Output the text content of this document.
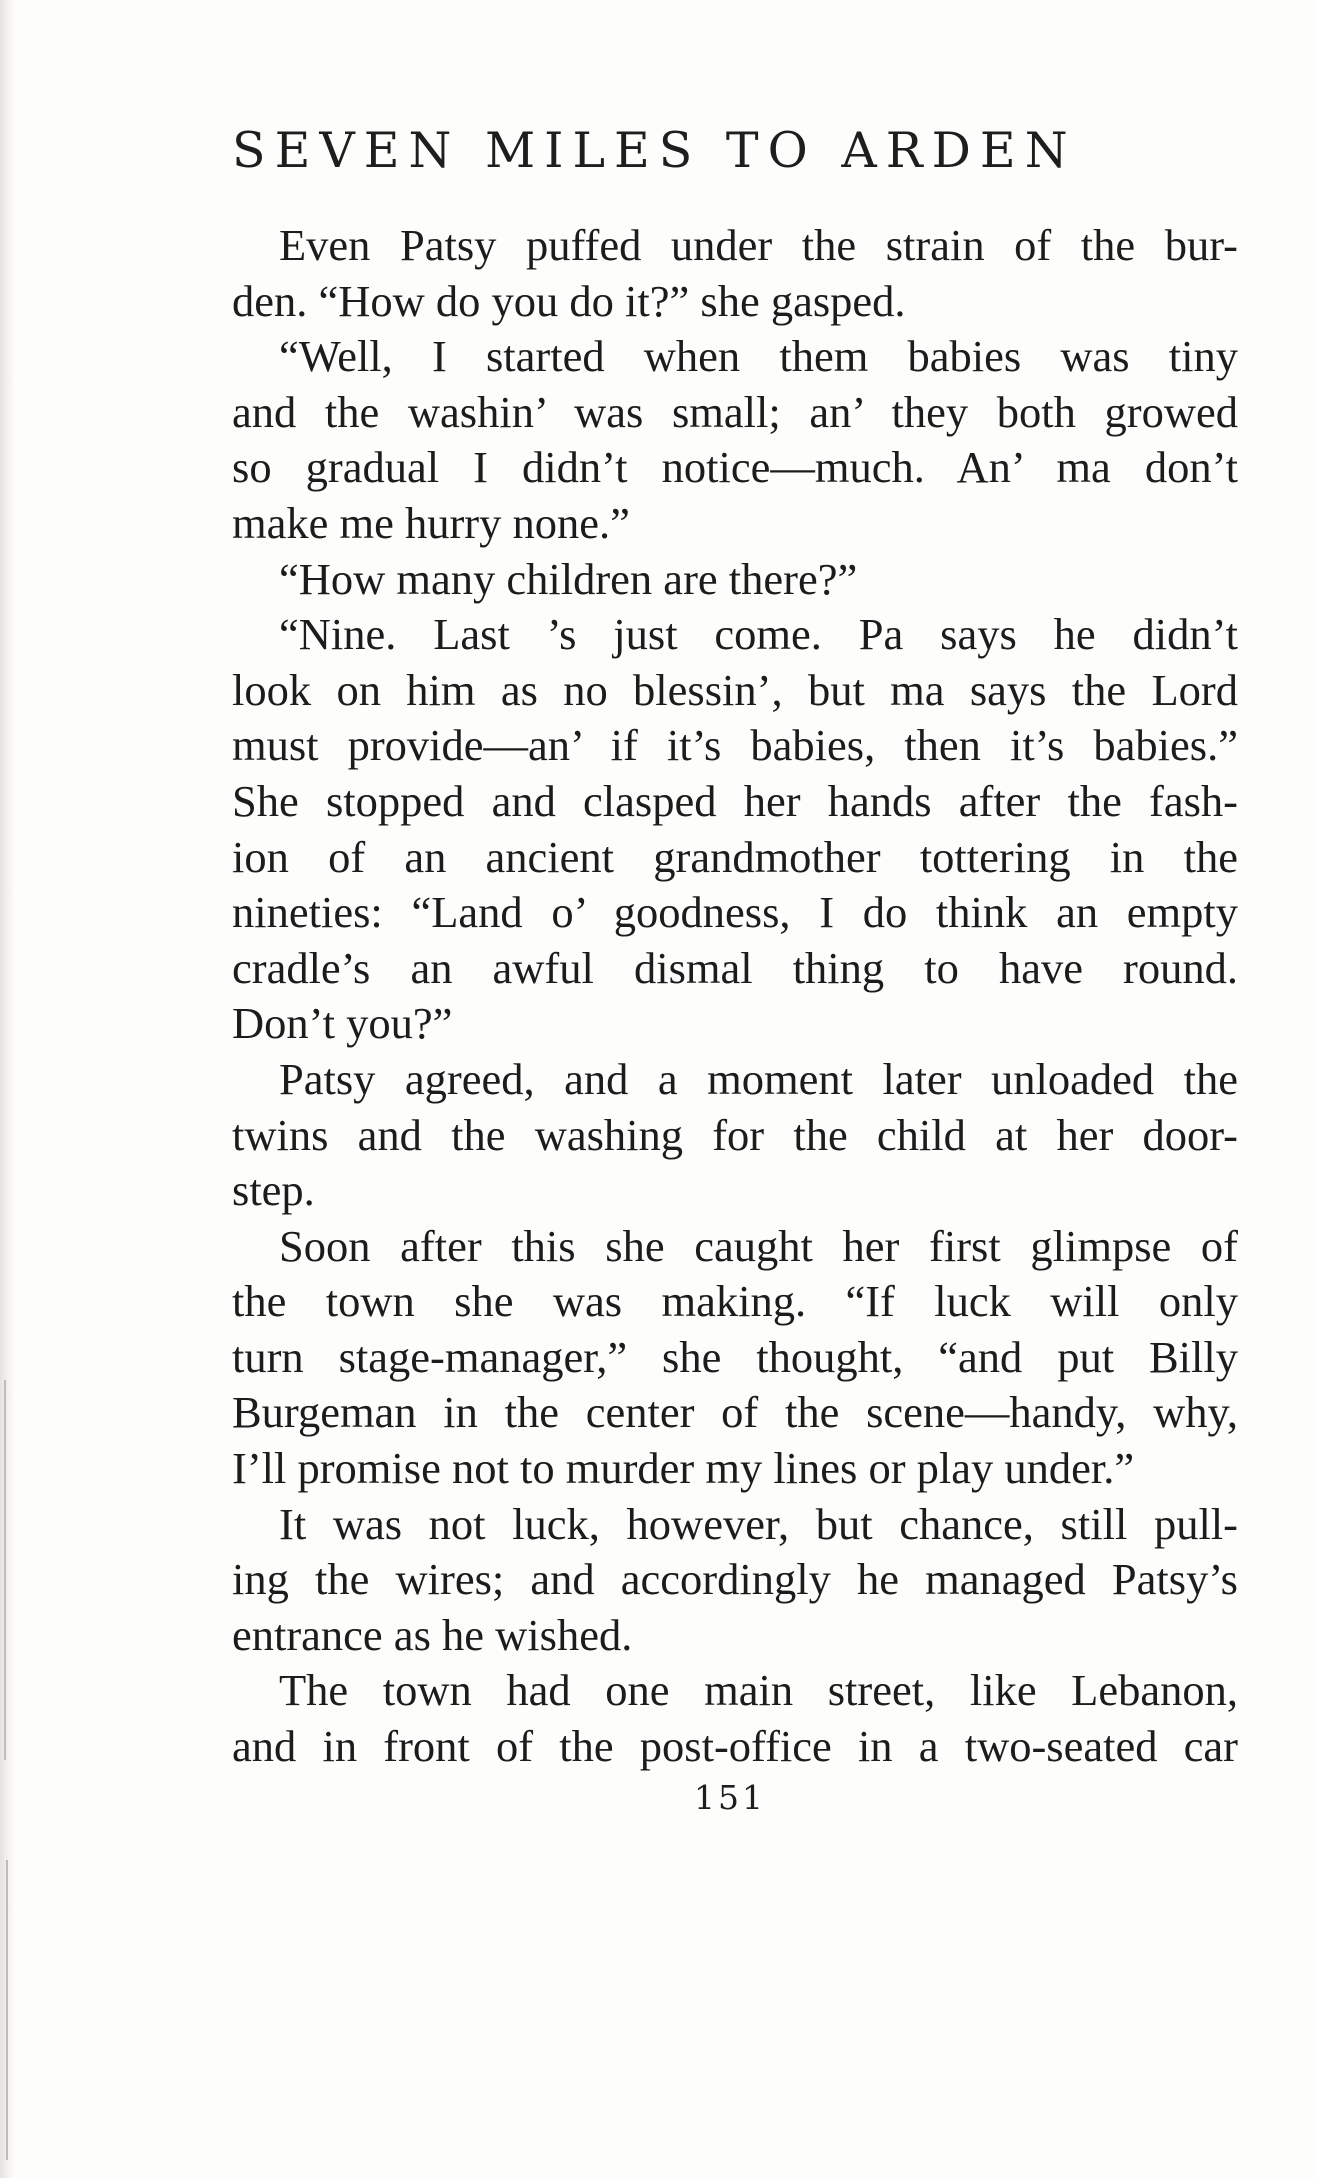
SEVEN MILES TO ARDEN
Even Patsy puffed under the strain of the bur-
den. “How do you do it?” she gasped.
“Well, I started when them babies was tiny
and the washin’ was small; an’ they both growed
so gradual I didn’t notice—much. An’ ma don’t
make me hurry none.”
“How many children are there?”
“Nine. Last ’s just come. Pa says he didn’t
look on him as no blessin’, but ma says the Lord
must provide—an’ if it’s babies, then it’s babies.”
She stopped and clasped her hands after the fash-
ion of an ancient grandmother tottering in the
nineties: “Land o’ goodness, I do think an empty
cradle’s an awful dismal thing to have round.
Don’t you?”
Patsy agreed, and a moment later unloaded the
twins and the washing for the child at her door-
step.
Soon after this she caught her first glimpse of
the town she was making. “If luck will only
turn stage-manager,” she thought, “and put Billy
Burgeman in the center of the scene—handy, why,
I’ll promise not to murder my lines or play under.”
It was not luck, however, but chance, still pull-
ing the wires; and accordingly he managed Patsy’s
entrance as he wished.
The town had one main street, like Lebanon,
and in front of the post-office in a two-seated car
151
